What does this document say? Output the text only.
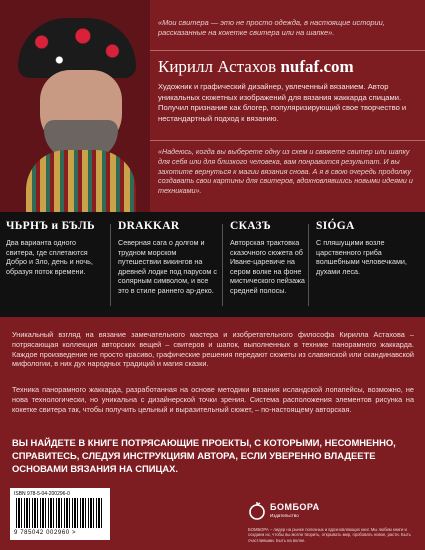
«Мои свитера — это не просто одежда, в настоящие истории, рассказанные на кокетке свитера или на шапке».
Кирилл Астахов nufaf.com
Художник и графический дизайнер, увлеченный вязанием. Автор уникальных сюжетных изображений для вязания жаккарда спицами. Получил признание как блогер, популяризирующий свое творчество и нестандартный подход к вязанию.
«Надеюсь, когда вы выберете одну из схем и свяжете свитер или шапку для себя или для близкого человека, вам понравится результат. И вы захотите вернуться к магии вязания снова. А я в свою очередь продолжу создавать свои картины для свитеров, вдохновлявшись новыми идеями и техниками».
ЧЬРНЪ и БЪЛЬ
Два варианта одного свитера, где сплетаются Добро и Зло, день и ночь, образуя поток времени.
DRAKKAR
Северная сага о долгом и трудном морском путешествии викингов на древней лодке под парусом с солярным символом, и все это в стиле раннего ар-деко.
СКАЗЪ
Авторская трактовка сказочного сюжета об Иване-царевиче на сером волке на фоне мистического пейзажа средней полосы.
SIÓGA
С пляшущими возле царственного гриба волшебными человечками, духами леса.
Уникальный взгляд на вязание замечательного мастера и изобретательного философа Кирилла Астахова – потрясающая коллекция авторских вещей – свитеров и шапок, выполненных в технике панорамного жаккарда. Каждое произведение не просто красиво, графические решения передают сюжеты из славянской или скандинавской мифологии, в них дух народных традиций и магия сказки.
Техника панорамного жаккарда, разработанная на основе методики вязания исландской лопапейсы, возможно, не нова технологически, но уникальна с дизайнерской точки зрения. Система расположения элементов рисунка на кокетке свитера так, чтобы получить цельный и выразительный сюжет, – по-настоящему авторская.
ВЫ НАЙДЕТЕ В КНИГЕ ПОТРЯСАЮЩИЕ ПРОЕКТЫ, С КОТОРЫМИ, НЕСОМНЕННО, СПРАВИТЕСЬ, СЛЕДУЯ ИНСТРУКЦИЯМ АВТОРА, ЕСЛИ УВЕРЕННО ВЛАДЕЕТЕ ОСНОВАМИ ВЯЗАНИЯ НА СПИЦАХ.
ISBN 978-5-04-200296-0
9 785042 002960 >
БОМБОРА
Издательство
БОМБОРА – лидер на рынке полезных и вдохновляющих книг. Мы любим книги и создаем их, чтобы вы могли творить, открывать мир, пробовать новое, расти. Быть счастливыми. Быть на волне.
